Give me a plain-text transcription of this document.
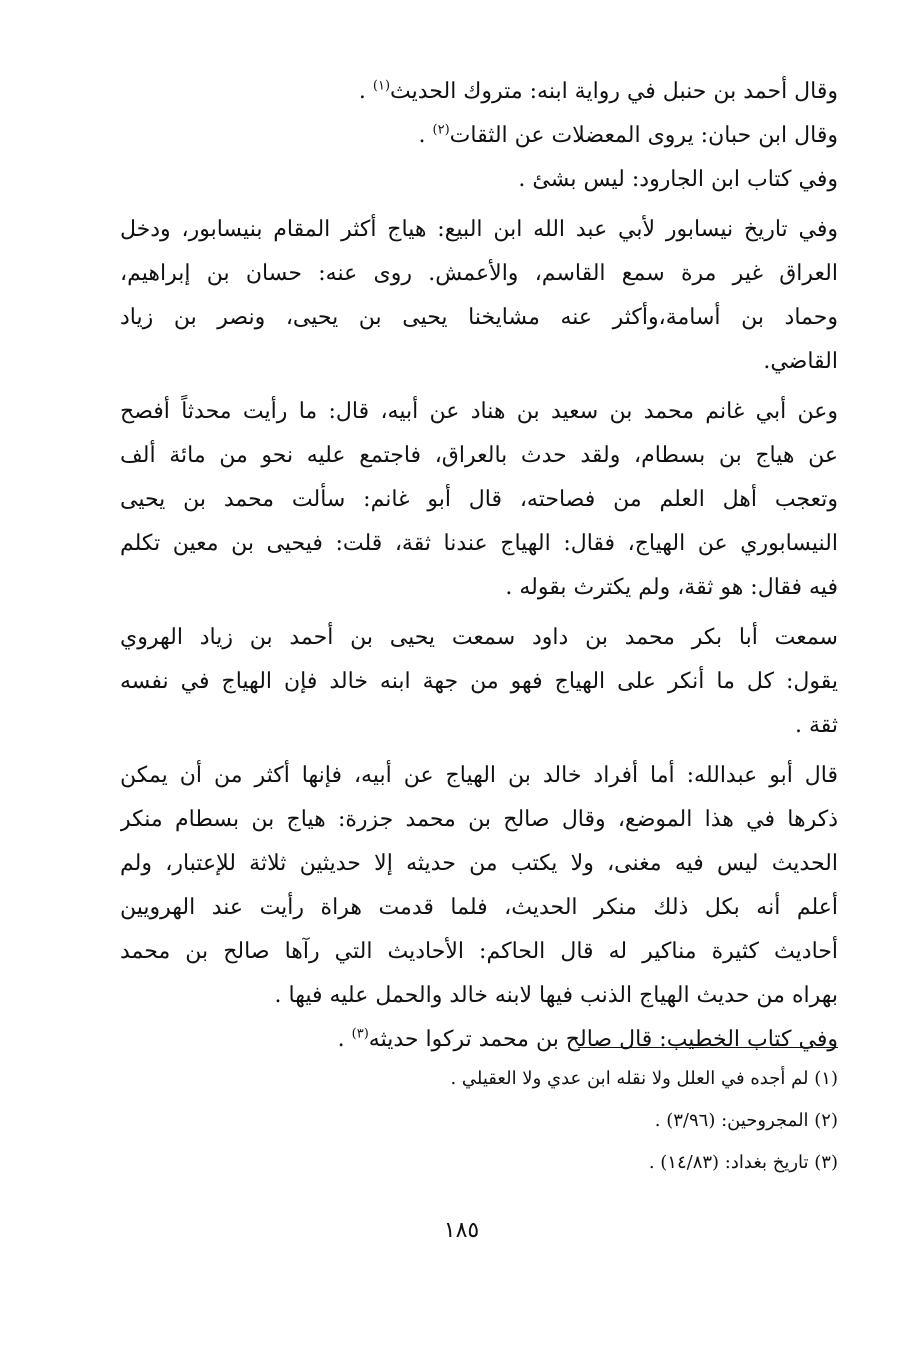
وقال أحمد بن حنبل في رواية ابنه: متروك الحديث$^{(١)}$ .
وقال ابن حبان: يروى المعضلات عن الثقات$^{(٢)}$ .
وفي كتاب ابن الجارود: ليس بشئ .
وفي تاريخ نيسابور لأبي عبد الله ابن البيع: هياج أكثر المقام بنيسابور، ودخل
العراق غير مرة سمع القاسم، والأعمش. روى عنه: حسان بن إبراهيم،
وحماد بن أسامة،وأكثر عنه مشايخنا يحيى بن يحيى، ونصر بن زياد
القاضي.
وعن أبي غانم محمد بن سعيد بن هناد عن أبيه، قال: ما رأيت محدثاً أفصح
عن هياج بن بسطام، ولقد حدث بالعراق، فاجتمع عليه نحو من مائة ألف
وتعجب أهل العلم من فصاحته، قال أبو غانم: سألت محمد بن يحيى
النيسابوري عن الهياج، فقال: الهياج عندنا ثقة، قلت: فيحيى بن معين تكلم
فيه فقال: هو ثقة، ولم يكترث بقوله .
سمعت أبا بكر محمد بن داود سمعت يحيى بن أحمد بن زياد الهروي
يقول: كل ما أنكر على الهياج فهو من جهة ابنه خالد فإن الهياج في نفسه
ثقة .
قال أبو عبدالله: أما أفراد خالد بن الهياج عن أبيه، فإنها أكثر من أن يمكن
ذكرها في هذا الموضع، وقال صالح بن محمد جزرة: هياج بن بسطام منكر
الحديث ليس فيه مغنى، ولا يكتب من حديثه إلا حديثين ثلاثة للإعتبار، ولم
أعلم أنه بكل ذلك منكر الحديث، فلما قدمت هراة رأيت عند الهرويين
أحاديث كثيرة مناكير له قال الحاكم: الأحاديث التي رآها صالح بن محمد
بهراه من حديث الهياج الذنب فيها لابنه خالد والحمل عليه فيها .
وفي كتاب الخطيب: قال صالح بن محمد تركوا حديثه$^{(٣)}$ .
(١) لم أجده في العلل ولا نقله ابن عدي ولا العقيلي .
(٢) المجروحين: (٣/٩٦) .
(٣) تاريخ بغداد: (١٤/٨٣) .
١٨٥
